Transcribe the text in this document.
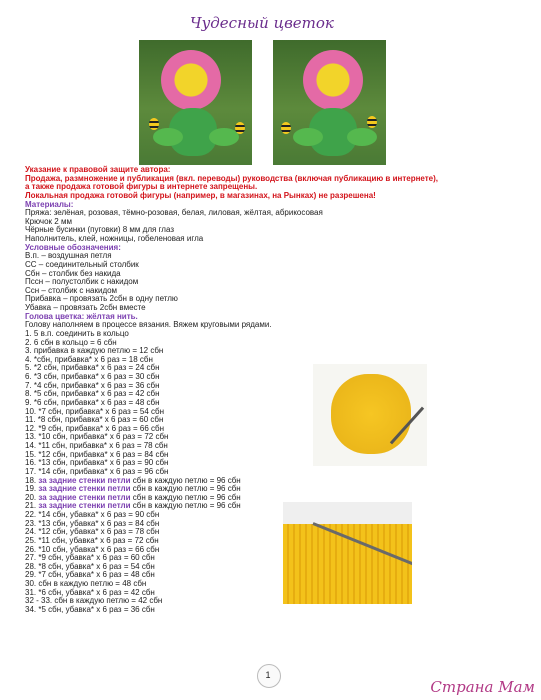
Чудесный цветок
Указание к правовой защите автора:
Продажа, размножение и публикация (вкл. переводы) руководства (включая публикацию в интернете),
а также продажа готовой фигуры в интернете запрещены.
Локальная продажа готовой фигуры (например, в магазинах, на Рынках) не разрешена!
Материалы:
Пряжа: зелёная, розовая, тёмно-розовая, белая, лиловая, жёлтая, абрикосовая
Крючок 2 мм
Чёрные бусинки (пуговки) 8 мм для глаз
Наполнитель, клей, ножницы, гобеленовая игла
Условные обозначения:
В.п. – воздушная петля
СС – соединительный столбик
Сбн – столбик без накида
Пссн – полустолбик с накидом
Ссн – столбик с накидом
Прибавка – провязать 2сбн в одну петлю
Убавка – провязать 2сбн вместе
Голова цветка: жёлтая нить.
Голову наполняем в процессе вязания. Вяжем круговыми рядами.
1. 5 в.п. соединить в кольцо
2. 6 сбн в кольцо = 6 сбн
3. прибавка в каждую петлю = 12 сбн
4. *сбн, прибавка* х 6 раз = 18 сбн
5. *2 сбн, прибавка* х 6 раз = 24 сбн
6. *3 сбн, прибавка* х 6 раз = 30 сбн
7. *4 сбн, прибавка* х 6 раз = 36 сбн
8. *5 сбн, прибавка* х 6 раз = 42 сбн
9. *6 сбн, прибавка* х 6 раз = 48 сбн
10. *7 сбн, прибавка* х 6 раз = 54 сбн
11. *8 сбн, прибавка* х 6 раз = 60 сбн
12. *9 сбн, прибавка* х 6 раз = 66 сбн
13. *10 сбн, прибавка* х 6 раз = 72 сбн
14. *11 сбн, прибавка* х 6 раз = 78 сбн
15. *12 сбн, прибавка* х 6 раз = 84 сбн
16. *13 сбн, прибавка* х 6 раз = 90 сбн
17. *14 сбн, прибавка* х 6 раз = 96 сбн
18. за задние стенки петли сбн в каждую петлю = 96 сбн
19. за задние стенки петли сбн в каждую петлю = 96 сбн
20. за задние стенки петли сбн в каждую петлю = 96 сбн
21. за задние стенки петли сбн в каждую петлю = 96 сбн
22. *14 сбн, убавка* х 6 раз = 90 сбн
23. *13 сбн, убавка* х 6 раз = 84 сбн
24. *12 сбн, убавка* х 6 раз = 78 сбн
25. *11 сбн, убавка* х 6 раз = 72 сбн
26. *10 сбн, убавка* х 6 раз = 66 сбн
27. *9 сбн, убавка* х 6 раз = 60 сбн
28. *8 сбн, убавка* х 6 раз = 54 сбн
29. *7 сбн, убавка* х 6 раз = 48 сбн
30. сбн в каждую петлю = 48 сбн
31. *6 сбн, убавка* х 6 раз = 42 сбн
32 - 33. сбн в каждую петлю = 42 сбн
34. *5 сбн, убавка* х 6 раз = 36 сбн
1
Страна Мам
